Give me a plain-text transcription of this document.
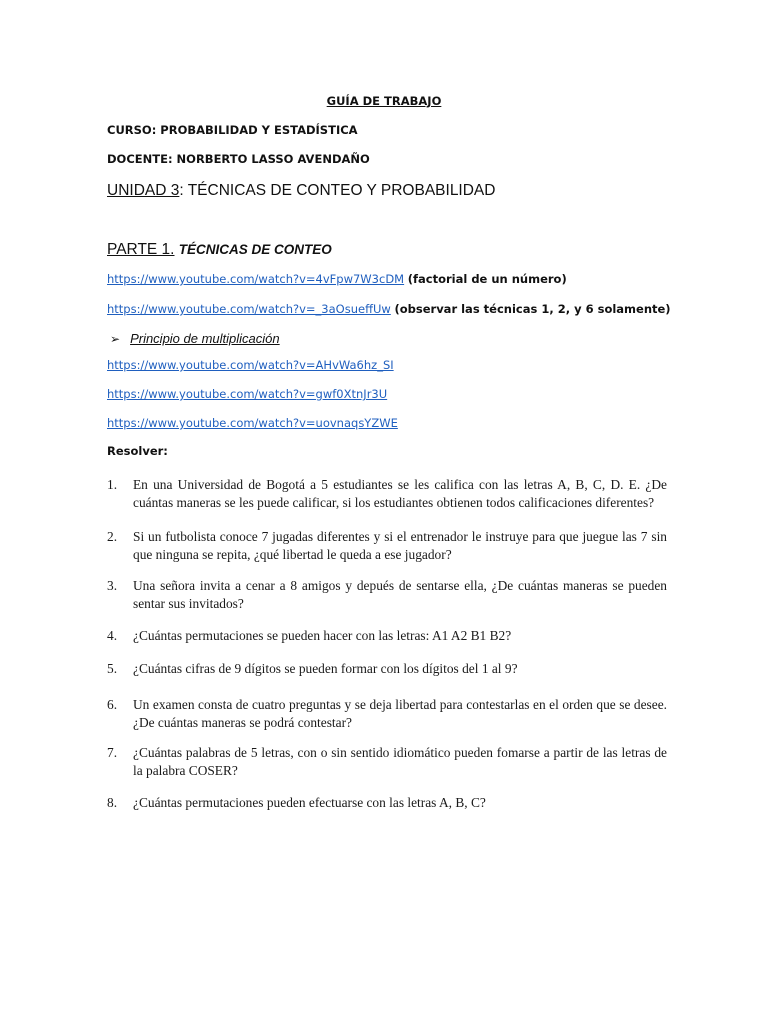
GUÍA DE TRABAJO
CURSO: PROBABILIDAD Y ESTADÍSTICA
DOCENTE: NORBERTO LASSO AVENDAÑO
UNIDAD 3: TÉCNICAS DE CONTEO Y PROBABILIDAD
PARTE 1. TÉCNICAS DE CONTEO
https://www.youtube.com/watch?v=4vFpw7W3cDM (factorial de un número)
https://www.youtube.com/watch?v=_3aOsueffUw (observar las técnicas 1, 2, y 6 solamente)
➢ Principio de multiplicación
https://www.youtube.com/watch?v=AHvWa6hz_SI
https://www.youtube.com/watch?v=gwf0XtnJr3U
https://www.youtube.com/watch?v=uovnaqsYZWE
Resolver:
1.	En una Universidad de Bogotá a 5 estudiantes se les califica con las letras A, B, C, D. E. ¿De cuántas maneras se les puede calificar, si los estudiantes obtienen todos calificaciones diferentes?
2.	Si un futbolista conoce 7 jugadas diferentes y si el entrenador le instruye para que juegue las 7 sin que ninguna se repita, ¿qué libertad le queda a ese jugador?
3.	Una señora invita a cenar a 8 amigos y depués de sentarse ella, ¿De cuántas maneras se pueden sentar sus invitados?
4.	¿Cuántas permutaciones se pueden hacer con las letras: A1 A2 B1 B2?
5.	¿Cuántas cifras de 9 dígitos se pueden formar con los dígitos del 1 al 9?
6.	Un examen consta de cuatro preguntas y se deja libertad para contestarlas en el orden que se desee. ¿De cuántas maneras se podrá contestar?
7.	¿Cuántas palabras de 5 letras, con o sin sentido idiomático pueden fomarse a partir de las letras de la palabra COSER?
8.	¿Cuántas permutaciones pueden efectuarse con las letras A, B, C?
